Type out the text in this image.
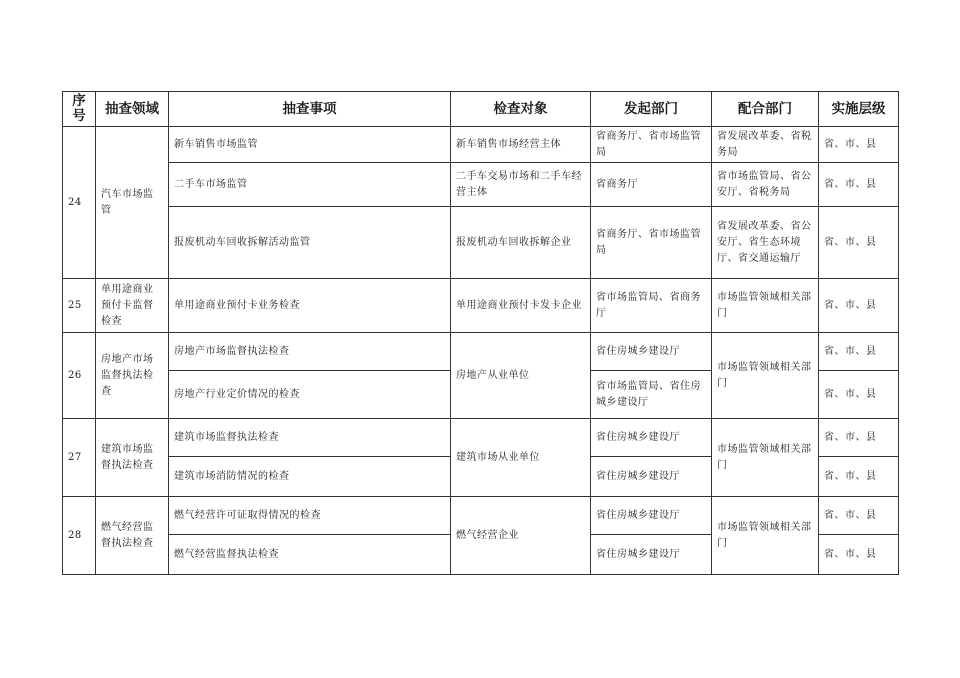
序号	抽查领域	抽查事项	检查对象	发起部门	配合部门	实施层级
24	汽车市场监管	新车销售市场监管	新车销售市场经营主体	省商务厅、省市场监管局	省发展改革委、省税务局	省、市、县
		二手车市场监管	二手车交易市场和二手车经营主体	省商务厅	省市场监管局、省公安厅、省税务局	省、市、县
		报废机动车回收拆解活动监管	报废机动车回收拆解企业	省商务厅、省市场监管局	省发展改革委、省公安厅、省生态环境厅、省交通运输厅	省、市、县
25	单用途商业预付卡监督检查	单用途商业预付卡业务检查	单用途商业预付卡发卡企业	省市场监管局、省商务厅	市场监管领域相关部门	省、市、县
26	房地产市场监督执法检查	房地产市场监督执法检查	房地产从业单位	省住房城乡建设厅	市场监管领域相关部门	省、市、县
		房地产行业定价情况的检查		省市场监管局、省住房城乡建设厅		省、市、县
27	建筑市场监督执法检查	建筑市场监督执法检查	建筑市场从业单位	省住房城乡建设厅	市场监管领域相关部门	省、市、县
		建筑市场消防情况的检查		省住房城乡建设厅		省、市、县
28	燃气经营监督执法检查	燃气经营许可证取得情况的检查	燃气经营企业	省住房城乡建设厅	市场监管领域相关部门	省、市、县
		燃气经营监督执法检查		省住房城乡建设厅		省、市、县
